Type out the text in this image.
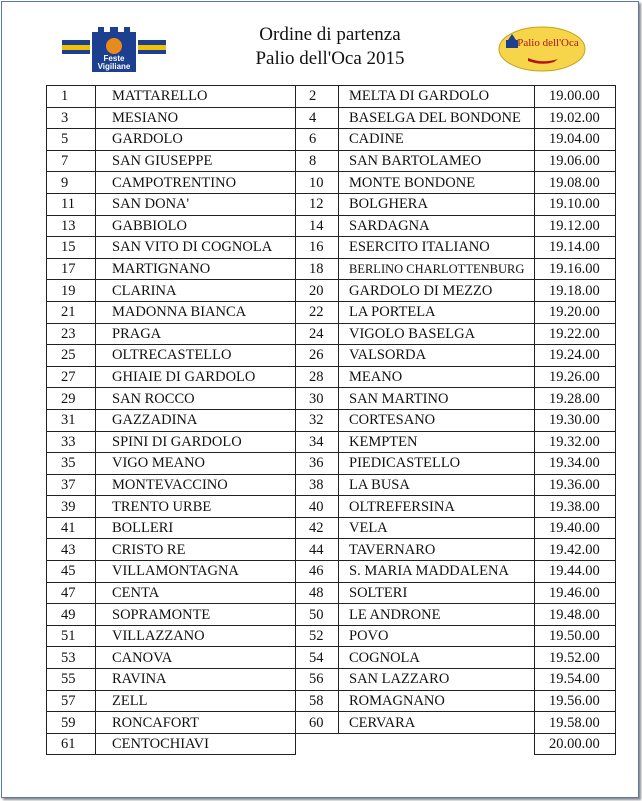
Feste
Vigiliane
Ordine di partenza
Palio dell'Oca 2015
Palio dell'Oca
1	MATTARELLO	2	MELTA DI GARDOLO	19.00.00
3	MESIANO	4	BASELGA DEL BONDONE	19.02.00
5	GARDOLO	6	CADINE	19.04.00
7	SAN GIUSEPPE	8	SAN BARTOLAMEO	19.06.00
9	CAMPOTRENTINO	10	MONTE BONDONE	19.08.00
11	SAN DONA'	12	BOLGHERA	19.10.00
13	GABBIOLO	14	SARDAGNA	19.12.00
15	SAN VITO DI COGNOLA	16	ESERCITO ITALIANO	19.14.00
17	MARTIGNANO	18	BERLINO CHARLOTTENBURG	19.16.00
19	CLARINA	20	GARDOLO DI MEZZO	19.18.00
21	MADONNA BIANCA	22	LA PORTELA	19.20.00
23	PRAGA	24	VIGOLO BASELGA	19.22.00
25	OLTRECASTELLO	26	VALSORDA	19.24.00
27	GHIAIE DI GARDOLO	28	MEANO	19.26.00
29	SAN ROCCO	30	SAN MARTINO	19.28.00
31	GAZZADINA	32	CORTESANO	19.30.00
33	SPINI DI GARDOLO	34	KEMPTEN	19.32.00
35	VIGO MEANO	36	PIEDICASTELLO	19.34.00
37	MONTEVACCINO	38	LA BUSA	19.36.00
39	TRENTO URBE	40	OLTREFERSINA	19.38.00
41	BOLLERI	42	VELA	19.40.00
43	CRISTO RE	44	TAVERNARO	19.42.00
45	VILLAMONTAGNA	46	S. MARIA MADDALENA	19.44.00
47	CENTA	48	SOLTERI	19.46.00
49	SOPRAMONTE	50	LE ANDRONE	19.48.00
51	VILLAZZANO	52	POVO	19.50.00
53	CANOVA	54	COGNOLA	19.52.00
55	RAVINA	56	SAN LAZZARO	19.54.00
57	ZELL	58	ROMAGNANO	19.56.00
59	RONCAFORT	60	CERVARA	19.58.00
61	CENTOCHIAVI			20.00.00
